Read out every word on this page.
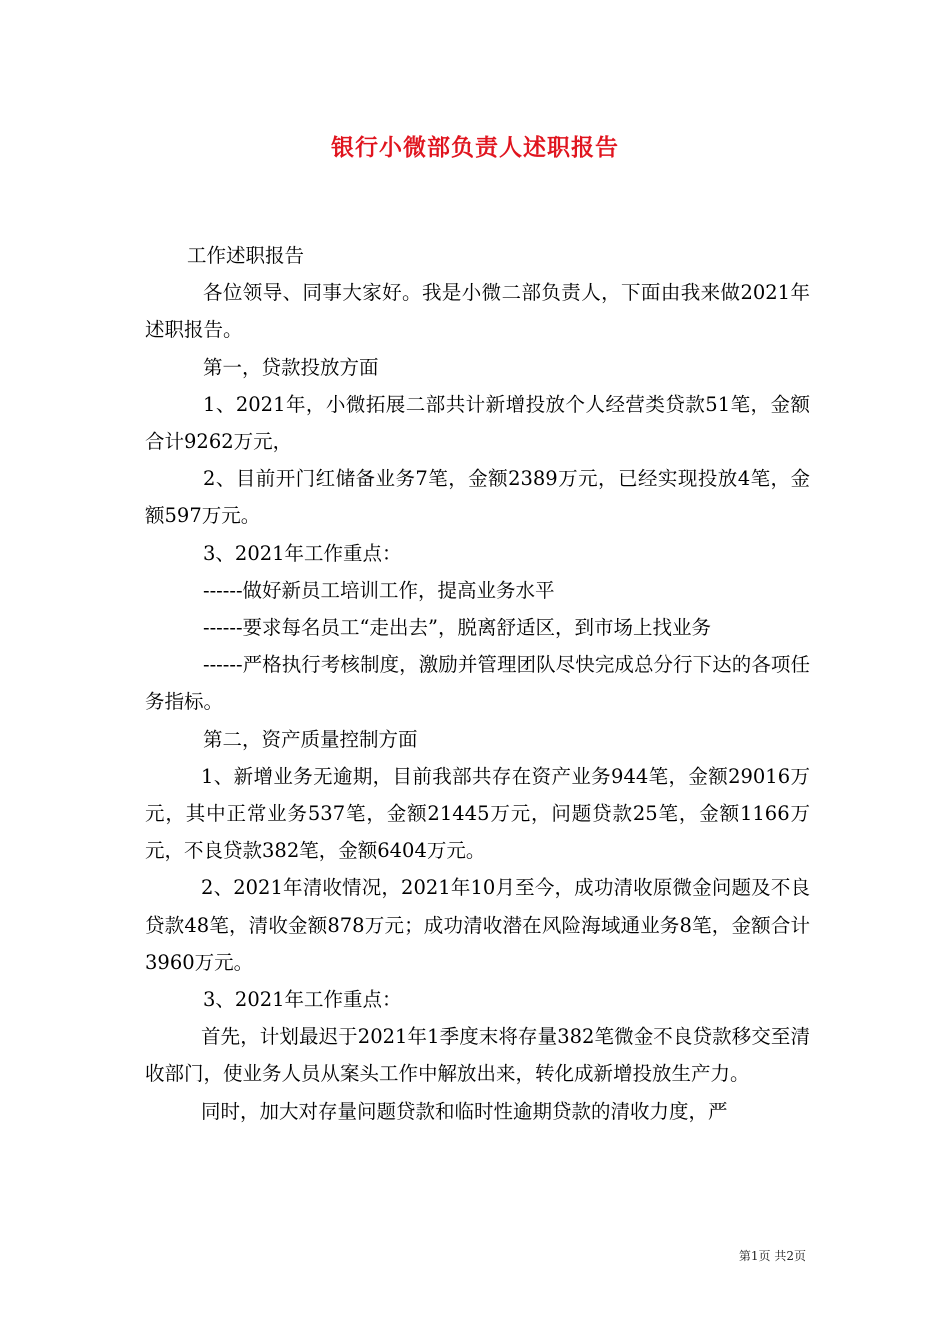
银行小微部负责人述职报告

工作述职报告

各位领导、同事大家好。我是小微二部负责人，下面由我来做2021年述职报告。

第一，贷款投放方面

1、2021年，小微拓展二部共计新增投放个人经营类贷款51笔，金额合计9262万元，

2、目前开门红储备业务7笔，金额2389万元，已经实现投放4笔，金额597万元。

3、2021年工作重点：

------做好新员工培训工作，提高业务水平

------要求每名员工“走出去”，脱离舒适区，到市场上找业务

------严格执行考核制度，激励并管理团队尽快完成总分行下达的各项任务指标。

第二，资产质量控制方面

1、新增业务无逾期，目前我部共存在资产业务944笔，金额29016万元，其中正常业务537笔，金额21445万元，问题贷款25笔，金额1166万元，不良贷款382笔，金额6404万元。

2、2021年清收情况，2021年10月至今，成功清收原微金问题及不良贷款48笔，清收金额878万元；成功清收潜在风险海域通业务8笔，金额合计3960万元。

3、2021年工作重点：

首先，计划最迟于2021年1季度末将存量382笔微金不良贷款移交至清收部门，使业务人员从案头工作中解放出来，转化成新增投放生产力。

同时，加大对存量问题贷款和临时性逾期贷款的清收力度，严

第1页 共2页
